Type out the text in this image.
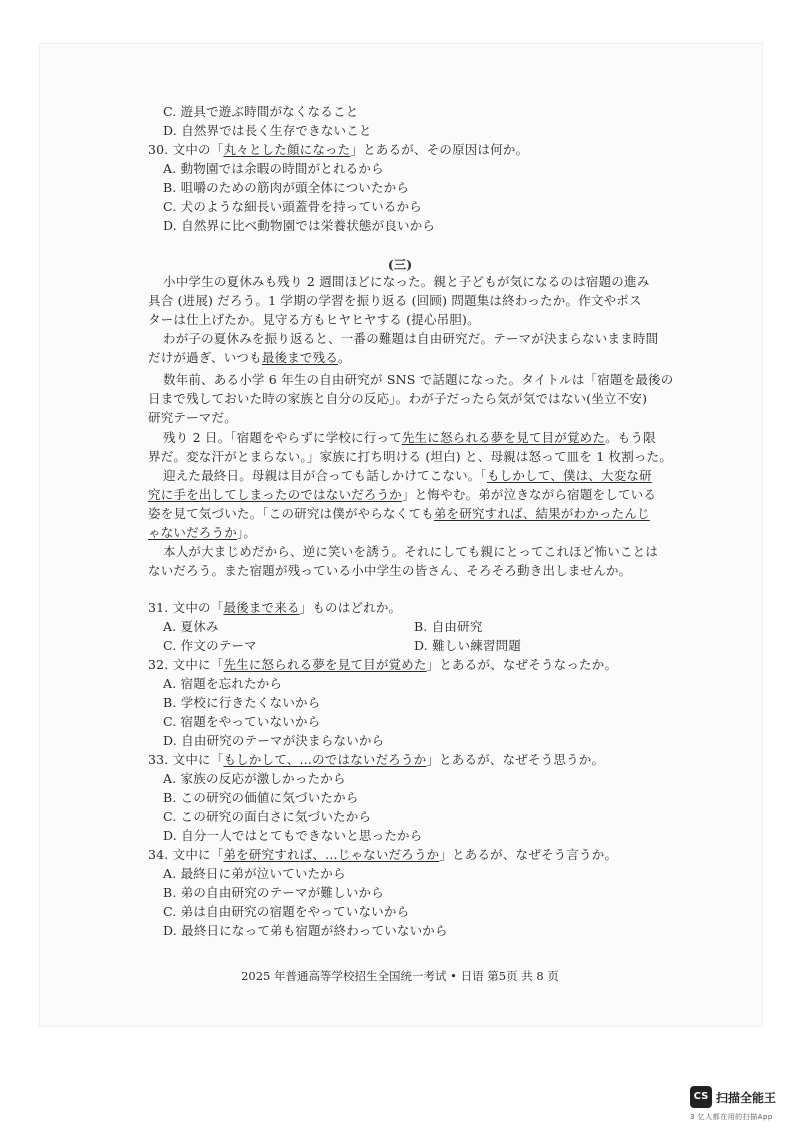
C. 遊具で遊ぶ時間がなくなること
D. 自然界では長く生存できないこと
30. 文中の「丸々とした顔になった」とあるが、その原因は何か。
A. 動物園では余暇の時間がとれるから
B. 咀嚼のための筋肉が頭全体についたから
C. 犬のような細長い頭蓋骨を持っているから
D. 自然界に比べ動物園では栄養状態が良いから
(三)
小中学生の夏休みも残り 2 週間ほどになった。親と子どもが気になるのは宿題の進み
具合 (进展) だろう。1 学期の学習を振り返る (回顾) 問題集は終わったか。作文やポス
ターは仕上げたか。見守る方もヒヤヒヤする (提心吊胆)。
わが子の夏休みを振り返ると、一番の難題は自由研究だ。テーマが決まらないまま時間
だけが過ぎ、いつも最後まで残る。
数年前、ある小学 6 年生の自由研究が SNS で話題になった。タイトルは「宿題を最後の
日まで残しておいた時の家族と自分の反応」。わが子だったら気が気ではない(坐立不安)
研究テーマだ。
残り 2 日。「宿題をやらずに学校に行って先生に怒られる夢を見て目が覚めた。もう限
界だ。変な汗がとまらない。」家族に打ち明ける (坦白) と、母親は怒って皿を 1 枚割った。
迎えた最終日。母親は目が合っても話しかけてこない。「もしかして、僕は、大変な研
究に手を出してしまったのではないだろうか」と悔やむ。弟が泣きながら宿題をしている
姿を見て気づいた。「この研究は僕がやらなくても弟を研究すれば、結果がわかったんじ
ゃないだろうか」。
本人が大まじめだから、逆に笑いを誘う。それにしても親にとってこれほど怖いことは
ないだろう。また宿題が残っている小中学生の皆さん、そろそろ動き出しませんか。
31. 文中の「最後まで来る」ものはどれか。
A. 夏休み	B. 自由研究
C. 作文のテーマ	D. 難しい練習問題
32. 文中に「先生に怒られる夢を見て目が覚めた」とあるが、なぜそうなったか。
A. 宿題を忘れたから
B. 学校に行きたくないから
C. 宿題をやっていないから
D. 自由研究のテーマが決まらないから
33. 文中に「もしかして、…のではないだろうか」とあるが、なぜそう思うか。
A. 家族の反応が激しかったから
B. この研究の価値に気づいたから
C. この研究の面白さに気づいたから
D. 自分一人ではとてもできないと思ったから
34. 文中に「弟を研究すれば、…じゃないだろうか」とあるが、なぜそう言うか。
A. 最終日に弟が泣いていたから
B. 弟の自由研究のテーマが難しいから
C. 弟は自由研究の宿題をやっていないから
D. 最終日になって弟も宿題が終わっていないから
2025 年普通高等学校招生全国统一考试 • 日语 第5页 共 8 页
CS 扫描全能王
3 亿人都在用的扫描App
